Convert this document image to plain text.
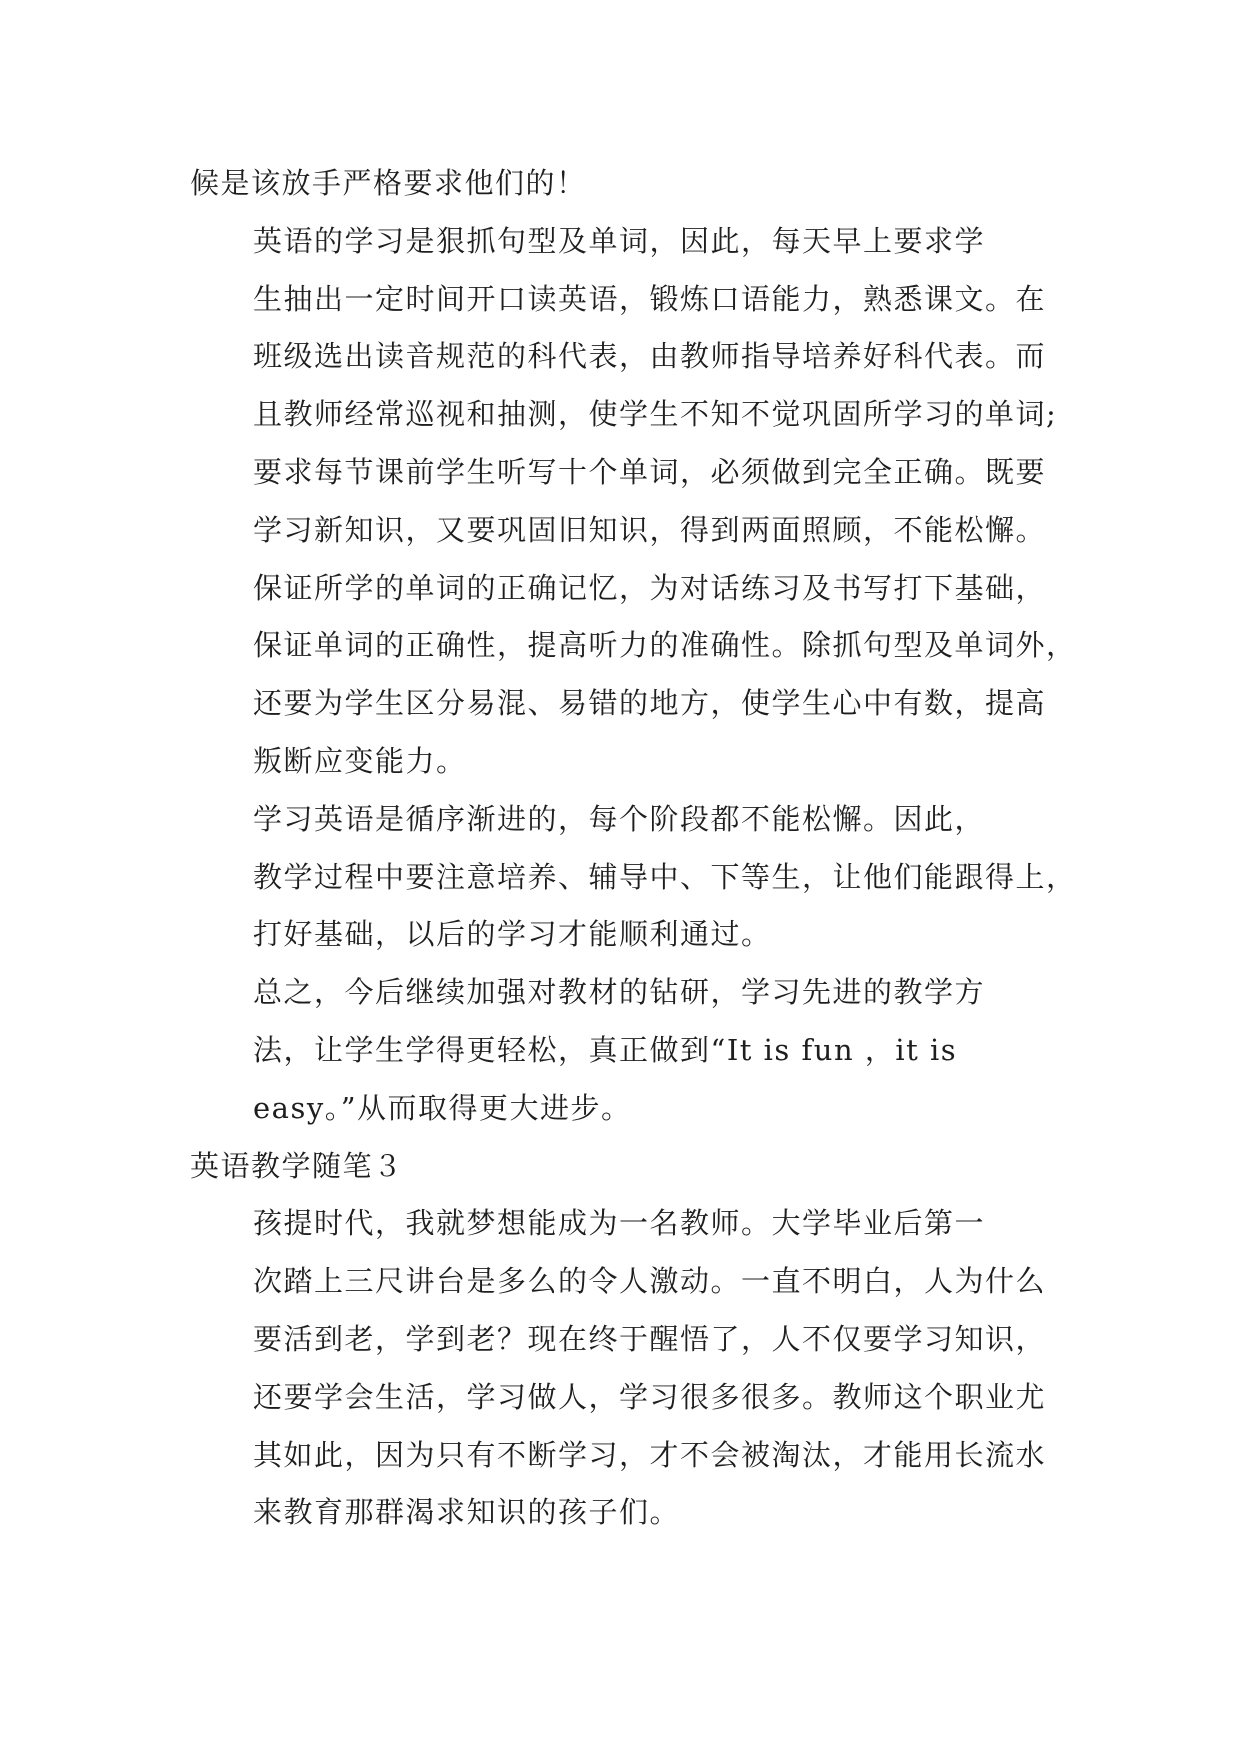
候是该放手严格要求他们的！

英语的学习是狠抓句型及单词，因此，每天早上要求学
生抽出一定时间开口读英语，锻炼口语能力，熟悉课文。在
班级选出读音规范的科代表，由教师指导培养好科代表。而
且教师经常巡视和抽测，使学生不知不觉巩固所学习的单词;
要求每节课前学生听写十个单词，必须做到完全正确。既要
学习新知识，又要巩固旧知识，得到两面照顾，不能松懈。
保证所学的单词的正确记忆，为对话练习及书写打下基础，
保证单词的正确性，提高听力的准确性。除抓句型及单词外，
还要为学生区分易混、易错的地方，使学生心中有数，提高
叛断应变能力。

学习英语是循序渐进的，每个阶段都不能松懈。因此，
教学过程中要注意培养、辅导中、下等生，让他们能跟得上，
打好基础，以后的学习才能顺利通过。

总之，今后继续加强对教材的钻研，学习先进的教学方
法，让学生学得更轻松，真正做到“It is fun ，it is
easy。”从而取得更大进步。

英语教学随笔３

孩提时代，我就梦想能成为一名教师。大学毕业后第一
次踏上三尺讲台是多么的令人激动。一直不明白，人为什么
要活到老，学到老？现在终于醒悟了，人不仅要学习知识，
还要学会生活，学习做人，学习很多很多。教师这个职业尤
其如此，因为只有不断学习，才不会被淘汰，才能用长流水
来教育那群渴求知识的孩子们。
